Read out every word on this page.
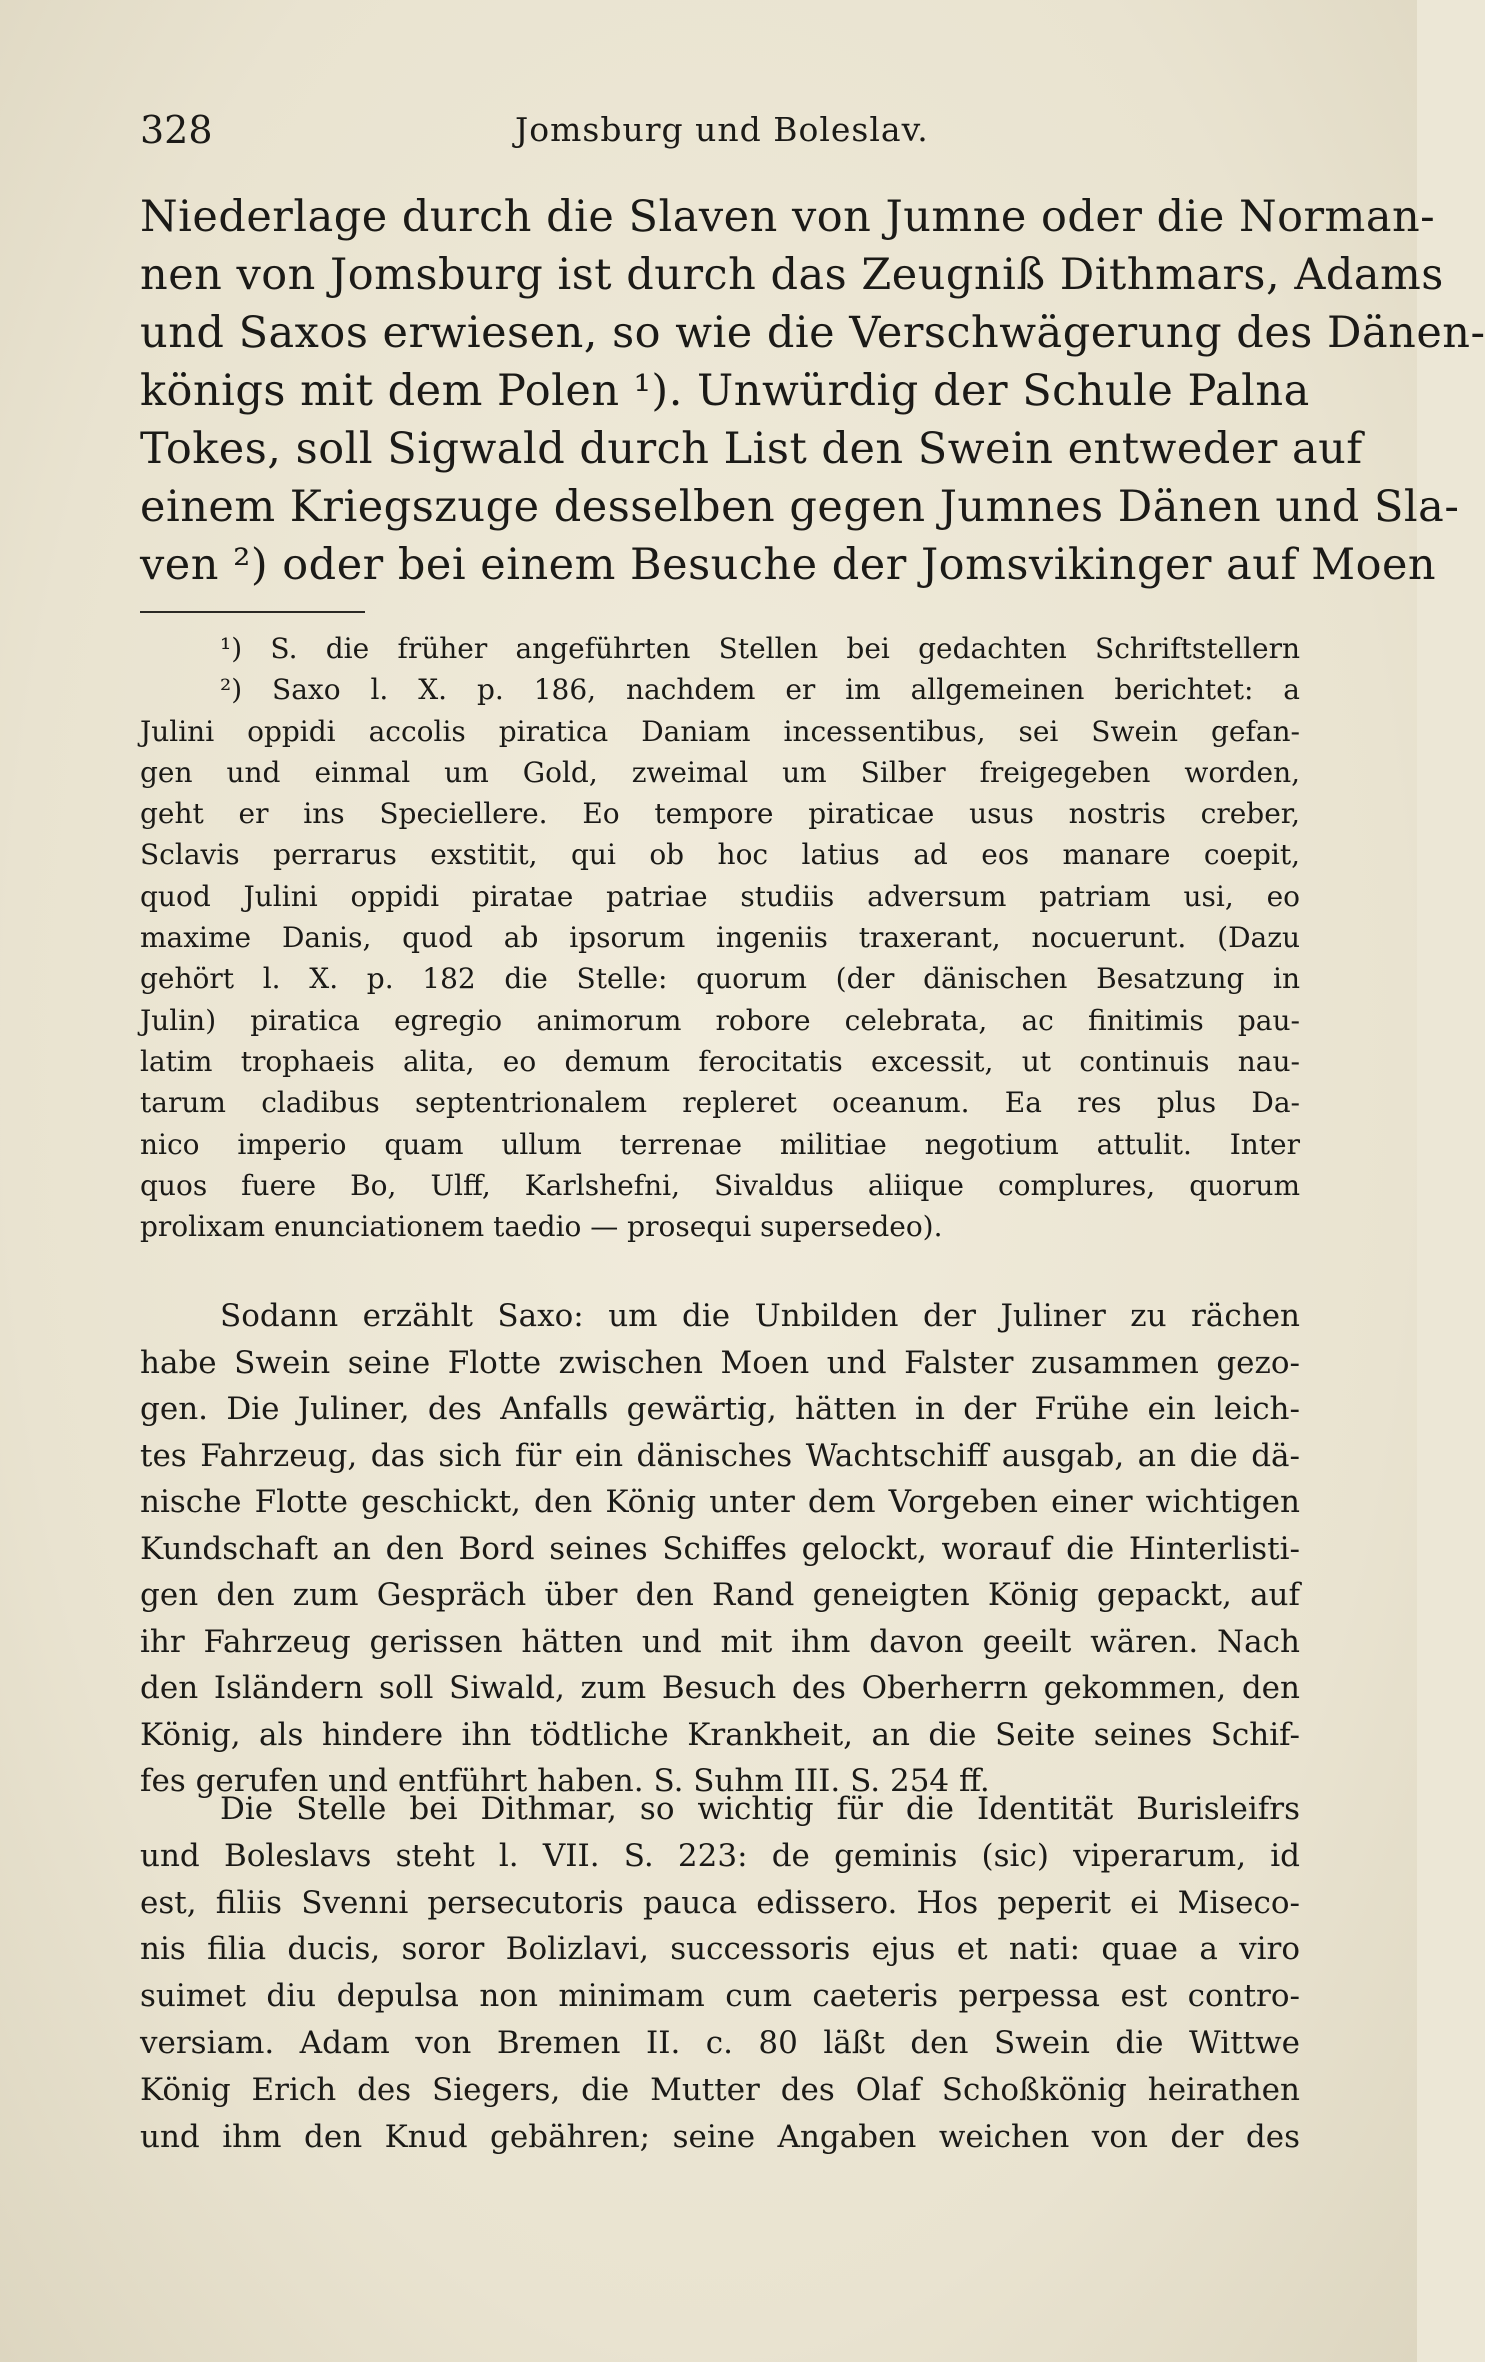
328	Jomsburg und Boleslav.
Niederlage durch die Slaven von Jumne oder die Norman-
nen von Jomsburg ist durch das Zeugniß Dithmars, Adams
und Saxos erwiesen, so wie die Verschwägerung des Dänen-
königs mit dem Polen ¹). Unwürdig der Schule Palna
Tokes, soll Sigwald durch List den Swein entweder auf
einem Kriegszuge desselben gegen Jumnes Dänen und Sla-
ven ²) oder bei einem Besuche der Jomsvikinger auf Moen
¹) S. die früher angeführten Stellen bei gedachten Schriftstellern
²) Saxo l. X. p. 186, nachdem er im allgemeinen berichtet: a
Julini oppidi accolis piratica Daniam incessentibus, sei Swein gefan-
gen und einmal um Gold, zweimal um Silber freigegeben worden,
geht er ins Speciellere. Eo tempore piraticae usus nostris creber,
Sclavis perrarus exstitit, qui ob hoc latius ad eos manare coepit,
quod Julini oppidi piratae patriae studiis adversum patriam usi, eo
maxime Danis, quod ab ipsorum ingeniis traxerant, nocuerunt. (Dazu
gehört l. X. p. 182 die Stelle: quorum (der dänischen Besatzung in
Julin) piratica egregio animorum robore celebrata, ac finitimis pau-
latim trophaeis alita, eo demum ferocitatis excessit, ut continuis nau-
tarum cladibus septentrionalem repleret oceanum. Ea res plus Da-
nico imperio quam ullum terrenae militiae negotium attulit. Inter
quos fuere Bo, Ulff, Karlshefni, Sivaldus aliique complures, quorum
prolixam enunciationem taedio — prosequi supersedeo).
Sodann erzählt Saxo: um die Unbilden der Juliner zu rächen
habe Swein seine Flotte zwischen Moen und Falster zusammen gezo-
gen. Die Juliner, des Anfalls gewärtig, hätten in der Frühe ein leich-
tes Fahrzeug, das sich für ein dänisches Wachtschiff ausgab, an die dä-
nische Flotte geschickt, den König unter dem Vorgeben einer wichtigen
Kundschaft an den Bord seines Schiffes gelockt, worauf die Hinterlisti-
gen den zum Gespräch über den Rand geneigten König gepackt, auf
ihr Fahrzeug gerissen hätten und mit ihm davon geeilt wären. Nach
den Isländern soll Siwald, zum Besuch des Oberherrn gekommen, den
König, als hindere ihn tödtliche Krankheit, an die Seite seines Schif-
fes gerufen und entführt haben. S. Suhm III. S. 254 ff.
Die Stelle bei Dithmar, so wichtig für die Identität Burisleifrs
und Boleslavs steht l. VII. S. 223: de geminis (sic) viperarum, id
est, filiis Svenni persecutoris pauca edissero. Hos peperit ei Miseco-
nis filia ducis, soror Bolizlavi, successoris ejus et nati: quae a viro
suimet diu depulsa non minimam cum caeteris perpessa est contro-
versiam. Adam von Bremen II. c. 80 läßt den Swein die Wittwe
König Erich des Siegers, die Mutter des Olaf Schoßkönig heirathen
und ihm den Knud gebähren; seine Angaben weichen von der des
